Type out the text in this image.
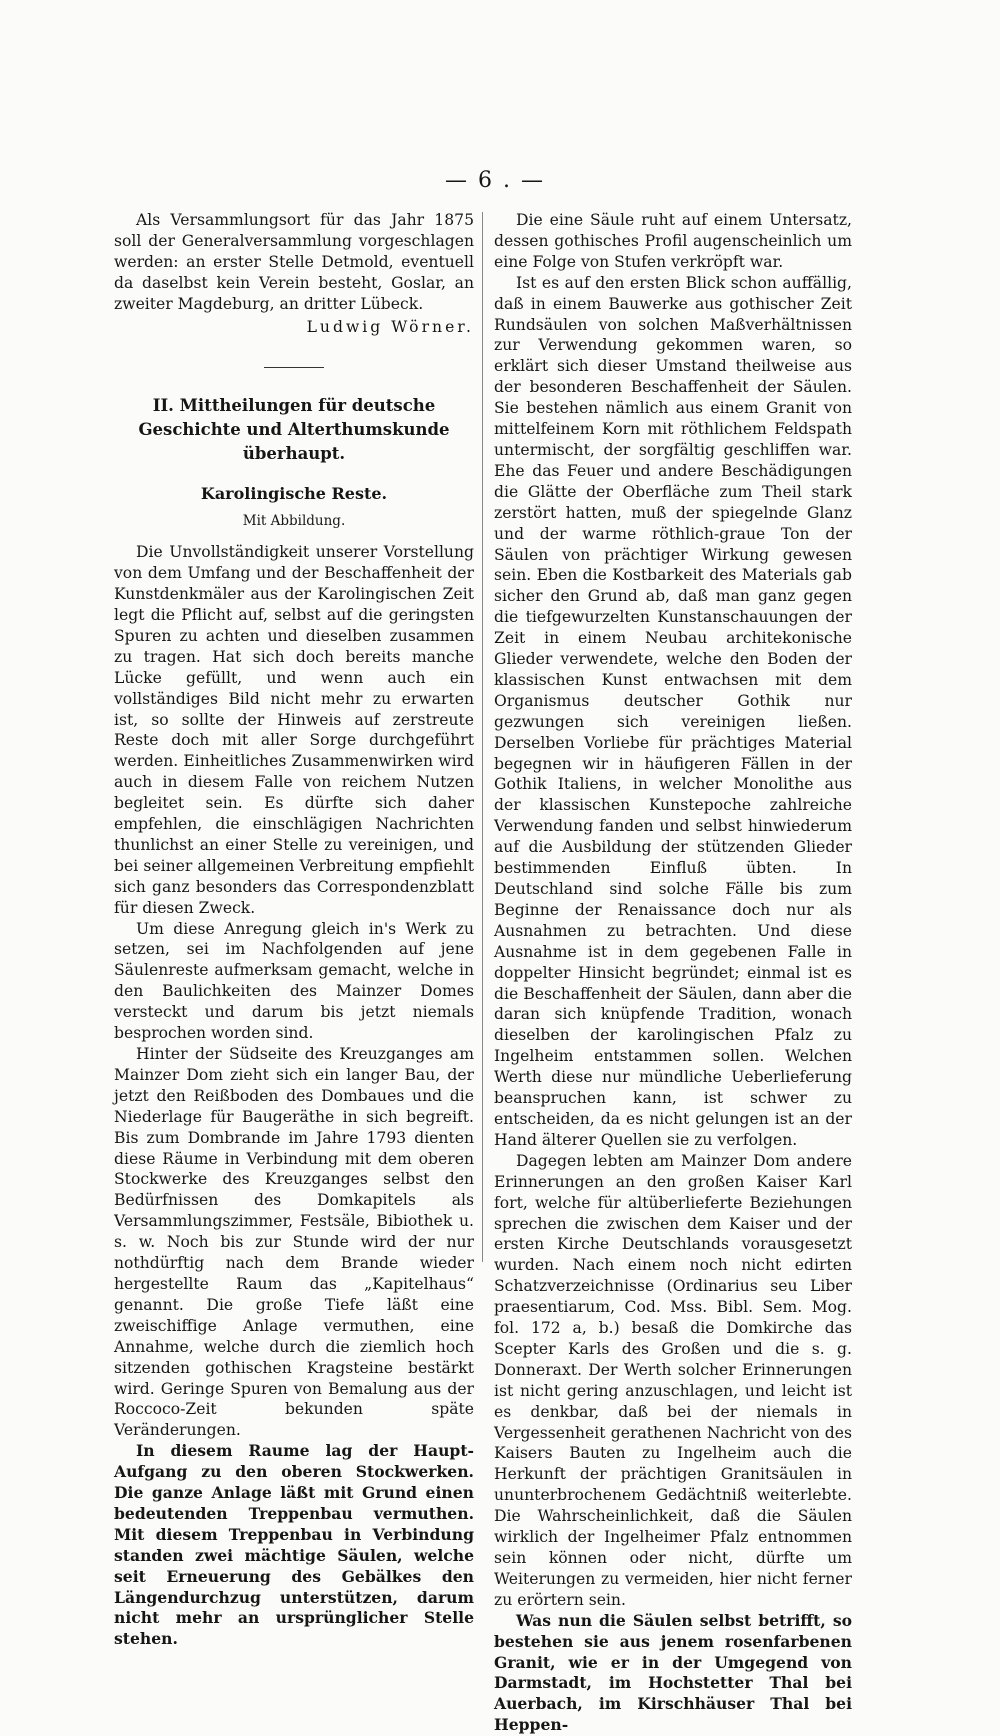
— 6 . —

Als Versammlungsort für das Jahr 1875 soll der Generalversammlung vorgeschlagen werden: an erster Stelle Detmold, eventuell da daselbst kein Verein besteht, Goslar, an zweiter Magdeburg, an dritter Lübeck.

Ludwig Wörner.

II. Mittheilungen für deutsche Geschichte und Alterthumskunde überhaupt.

Karolingische Reste.

Mit Abbildung.

Die Unvollständigkeit unserer Vorstellung von dem Umfang und der Beschaffenheit der Kunstdenkmäler aus der Karolingischen Zeit legt die Pflicht auf, selbst auf die geringsten Spuren zu achten und dieselben zusammen zu tragen. Hat sich doch bereits manche Lücke gefüllt, und wenn auch ein vollständiges Bild nicht mehr zu erwarten ist, so sollte der Hinweis auf zerstreute Reste doch mit aller Sorge durchgeführt werden. Einheitliches Zusammenwirken wird auch in diesem Falle von reichem Nutzen begleitet sein. Es dürfte sich daher empfehlen, die einschlägigen Nachrichten thunlichst an einer Stelle zu vereinigen, und bei seiner allgemeinen Verbreitung empfiehlt sich ganz besonders das Correspondenzblatt für diesen Zweck.

Um diese Anregung gleich in's Werk zu setzen, sei im Nachfolgenden auf jene Säulenreste aufmerksam gemacht, welche in den Baulichkeiten des Mainzer Domes versteckt und darum bis jetzt niemals besprochen worden sind.

Hinter der Südseite des Kreuzganges am Mainzer Dom zieht sich ein langer Bau, der jetzt den Reißboden des Dombaues und die Niederlage für Baugeräthe in sich begreift. Bis zum Dombrande im Jahre 1793 dienten diese Räume in Verbindung mit dem oberen Stockwerke des Kreuzganges selbst den Bedürfnissen des Domkapitels als Versammlungszimmer, Festsäle, Bibiothek u. s. w. Noch bis zur Stunde wird der nur nothdürftig nach dem Brande wieder hergestellte Raum das „Kapitelhaus“ genannt. Die große Tiefe läßt eine zweischiffige Anlage vermuthen, eine Annahme, welche durch die ziemlich hoch sitzenden gothischen Kragsteine bestärkt wird. Geringe Spuren von Bemalung aus der Roccoco-Zeit bekunden späte Veränderungen.

In diesem Raume lag der Haupt-Aufgang zu den oberen Stockwerken. Die ganze Anlage läßt mit Grund einen bedeutenden Treppenbau vermuthen. Mit diesem Treppenbau in Verbindung standen zwei mächtige Säulen, welche seit Erneuerung des Gebälkes den Längendurchzug unterstützen, darum nicht mehr an ursprünglicher Stelle stehen.

Die eine Säule ruht auf einem Untersatz, dessen gothisches Profil augenscheinlich um eine Folge von Stufen verkröpft war.

Ist es auf den ersten Blick schon auffällig, daß in einem Bauwerke aus gothischer Zeit Rundsäulen von solchen Maßverhältnissen zur Verwendung gekommen waren, so erklärt sich dieser Umstand theilweise aus der besonderen Beschaffenheit der Säulen. Sie bestehen nämlich aus einem Granit von mittelfeinem Korn mit röthlichem Feldspath untermischt, der sorgfältig geschliffen war. Ehe das Feuer und andere Beschädigungen die Glätte der Oberfläche zum Theil stark zerstört hatten, muß der spiegelnde Glanz und der warme röthlich-graue Ton der Säulen von prächtiger Wirkung gewesen sein. Eben die Kostbarkeit des Materials gab sicher den Grund ab, daß man ganz gegen die tiefgewurzelten Kunstanschauungen der Zeit in einem Neubau architekonische Glieder verwendete, welche den Boden der klassischen Kunst entwachsen mit dem Organismus deutscher Gothik nur gezwungen sich vereinigen ließen. Derselben Vorliebe für prächtiges Material begegnen wir in häufigeren Fällen in der Gothik Italiens, in welcher Monolithe aus der klassischen Kunstepoche zahlreiche Verwendung fanden und selbst hinwiederum auf die Ausbildung der stützenden Glieder bestimmenden Einfluß übten. In Deutschland sind solche Fälle bis zum Beginne der Renaissance doch nur als Ausnahmen zu betrachten. Und diese Ausnahme ist in dem gegebenen Falle in doppelter Hinsicht begründet; einmal ist es die Beschaffenheit der Säulen, dann aber die daran sich knüpfende Tradition, wonach dieselben der karolingischen Pfalz zu Ingelheim entstammen sollen. Welchen Werth diese nur mündliche Ueberlieferung beanspruchen kann, ist schwer zu entscheiden, da es nicht gelungen ist an der Hand älterer Quellen sie zu verfolgen.

Dagegen lebten am Mainzer Dom andere Erinnerungen an den großen Kaiser Karl fort, welche für altüberlieferte Beziehungen sprechen die zwischen dem Kaiser und der ersten Kirche Deutschlands vorausgesetzt wurden. Nach einem noch nicht edirten Schatzverzeichnisse (Ordinarius seu Liber praesentiarum, Cod. Mss. Bibl. Sem. Mog. fol. 172 a, b.) besaß die Domkirche das Scepter Karls des Großen und die s. g. Donneraxt. Der Werth solcher Erinnerungen ist nicht gering anzuschlagen, und leicht ist es denkbar, daß bei der niemals in Vergessenheit gerathenen Nachricht von des Kaisers Bauten zu Ingelheim auch die Herkunft der prächtigen Granitsäulen in ununterbrochenem Gedächtniß weiterlebte. Die Wahrscheinlichkeit, daß die Säulen wirklich der Ingelheimer Pfalz entnommen sein können oder nicht, dürfte um Weiterungen zu vermeiden, hier nicht ferner zu erörtern sein.

Was nun die Säulen selbst betrifft, so bestehen sie aus jenem rosenfarbenen Granit, wie er in der Umgegend von Darmstadt, im Hochstetter Thal bei Auerbach, im Kirschhäuser Thal bei Heppen-
